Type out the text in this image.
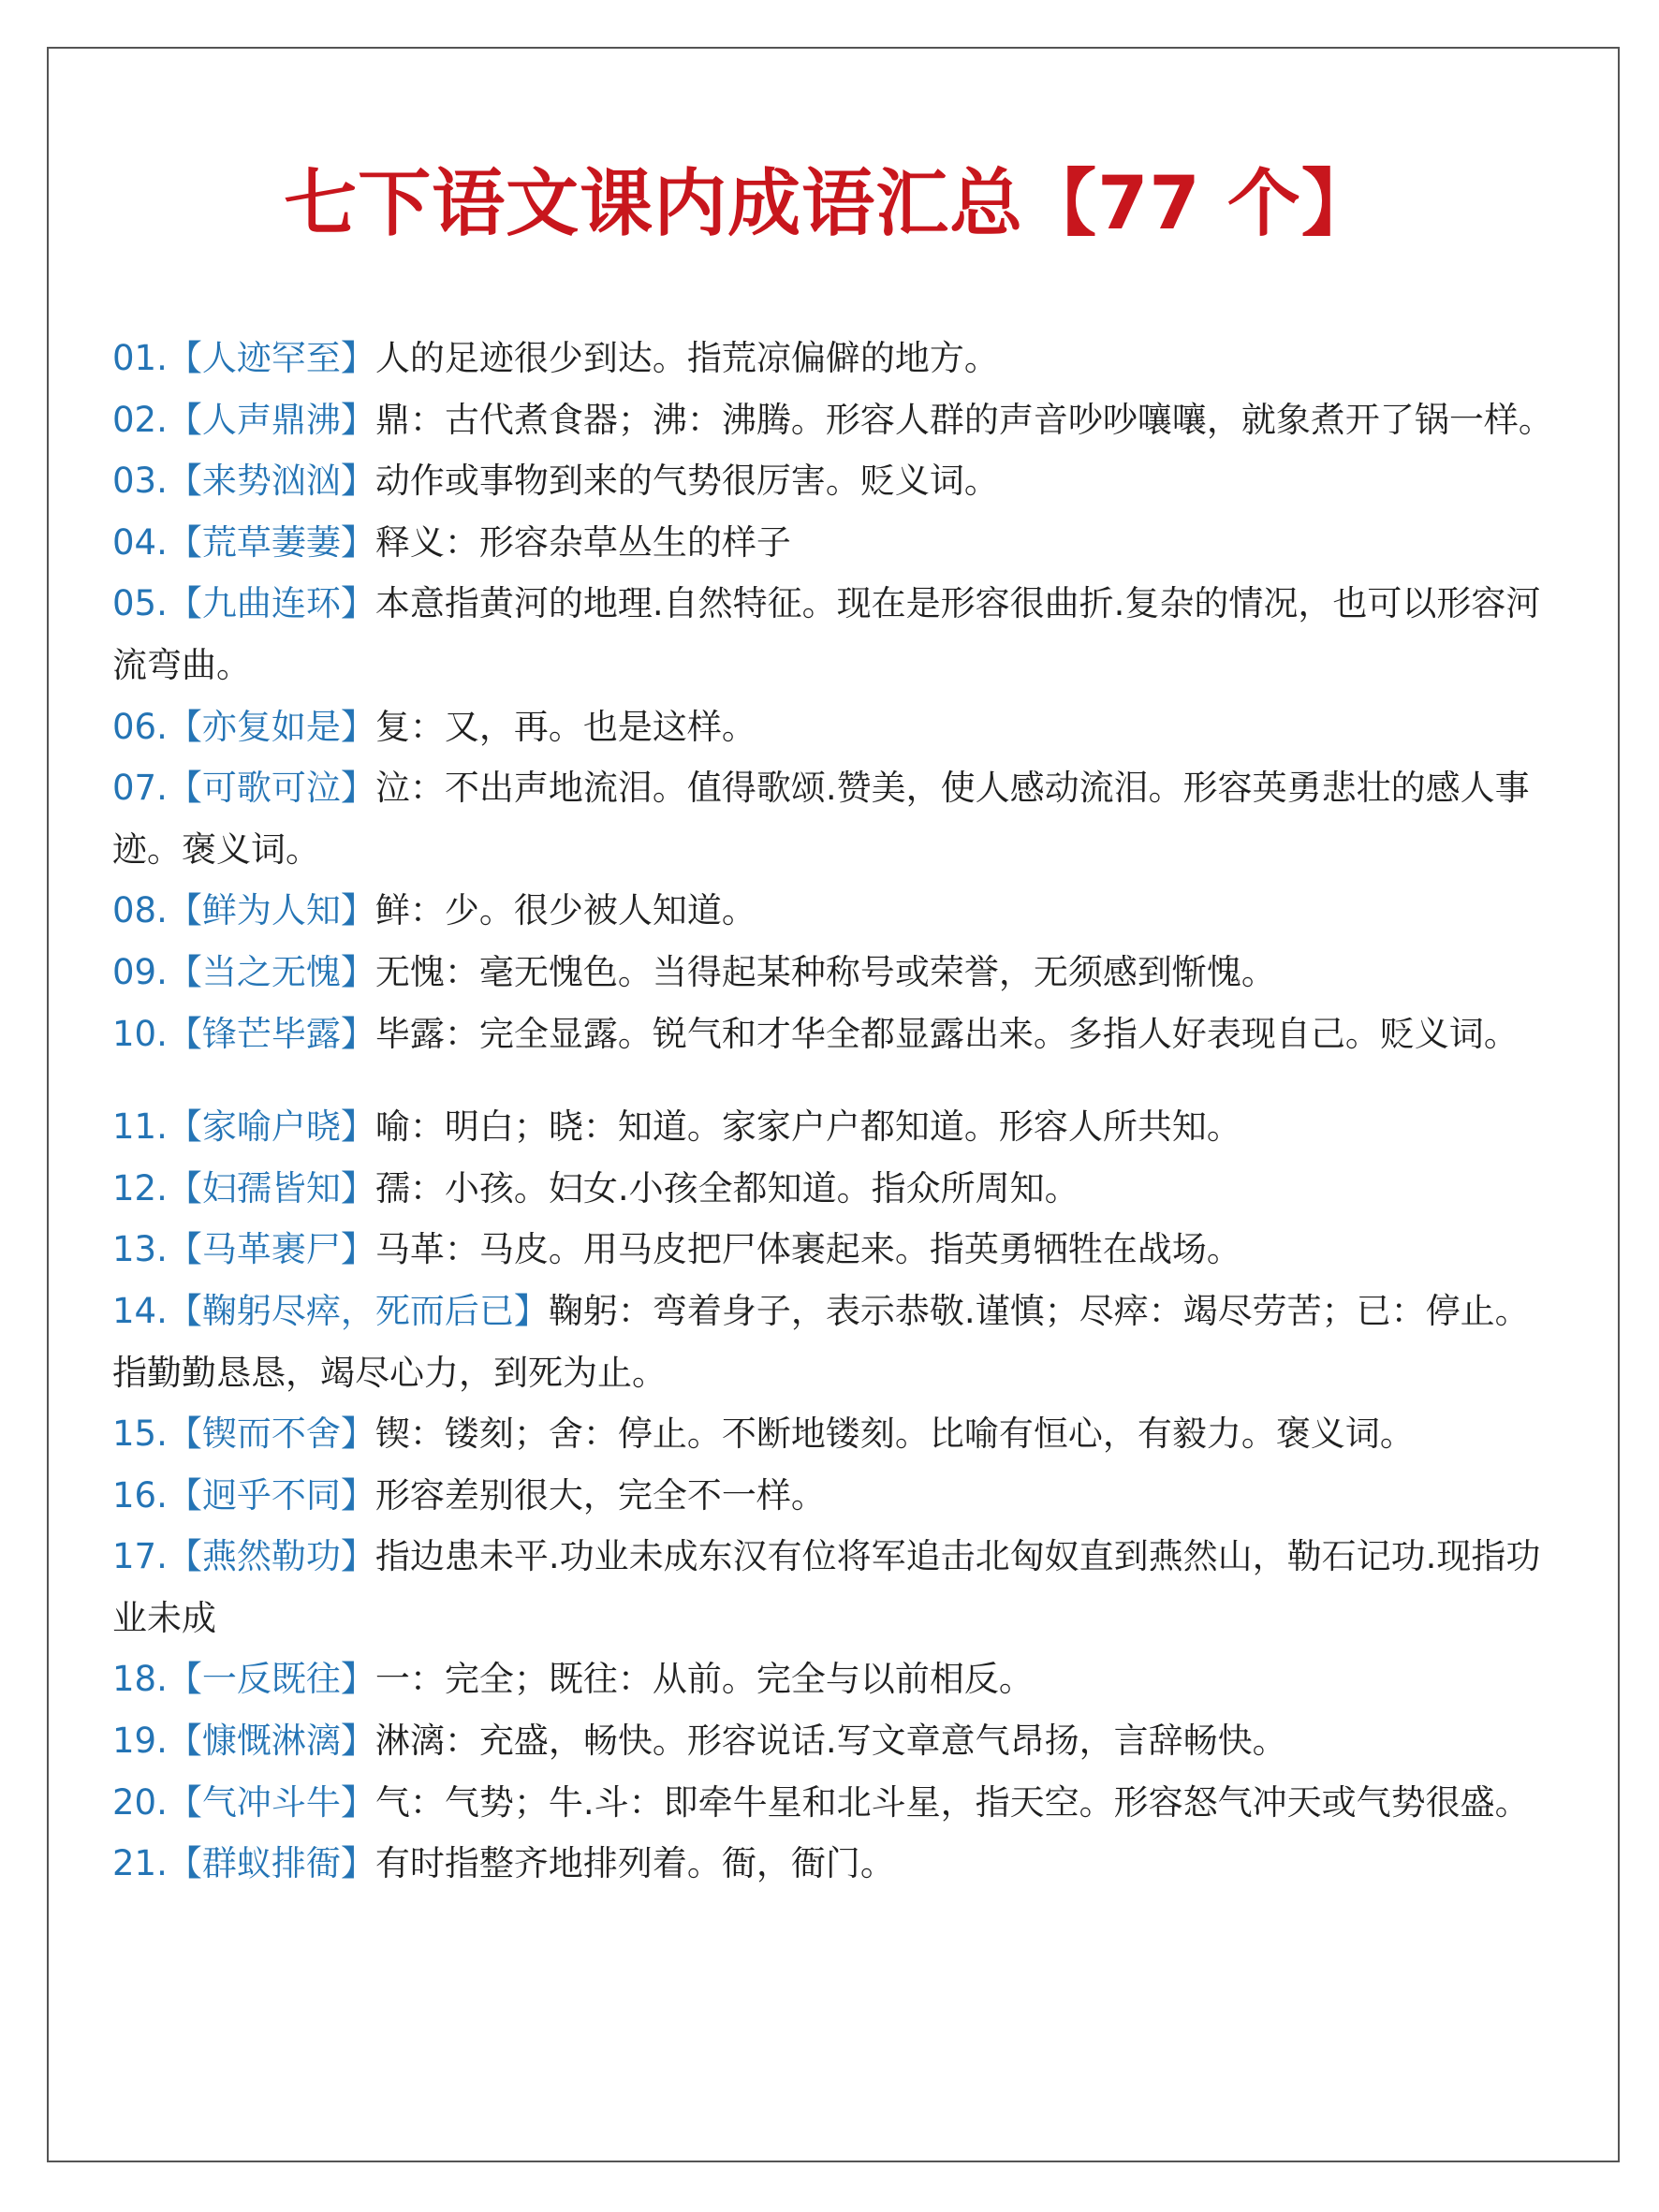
七下语文课内成语汇总【77 个】
01.【人迹罕至】人的足迹很少到达。指荒凉偏僻的地方。
02.【人声鼎沸】鼎：古代煮食器；沸：沸腾。形容人群的声音吵吵嚷嚷，就象煮开了锅一样。
03.【来势汹汹】动作或事物到来的气势很厉害。贬义词。
04.【荒草萋萋】释义：形容杂草丛生的样子
05.【九曲连环】本意指黄河的地理.自然特征。现在是形容很曲折.复杂的情况，也可以形容河流弯曲。
06.【亦复如是】复：又，再。也是这样。
07.【可歌可泣】泣：不出声地流泪。值得歌颂.赞美，使人感动流泪。形容英勇悲壮的感人事迹。褒义词。
08.【鲜为人知】鲜：少。很少被人知道。
09.【当之无愧】无愧：毫无愧色。当得起某种称号或荣誉，无须感到惭愧。
10.【锋芒毕露】毕露：完全显露。锐气和才华全都显露出来。多指人好表现自己。贬义词。
11.【家喻户晓】喻：明白；晓：知道。家家户户都知道。形容人所共知。
12.【妇孺皆知】孺：小孩。妇女.小孩全都知道。指众所周知。
13.【马革裹尸】马革：马皮。用马皮把尸体裹起来。指英勇牺牲在战场。
14.【鞠躬尽瘁，死而后已】鞠躬：弯着身子，表示恭敬.谨慎；尽瘁：竭尽劳苦；已：停止。指勤勤恳恳，竭尽心力，到死为止。
15.【锲而不舍】锲：镂刻；舍：停止。不断地镂刻。比喻有恒心，有毅力。褒义词。
16.【迥乎不同】形容差别很大，完全不一样。
17.【燕然勒功】指边患未平.功业未成东汉有位将军追击北匈奴直到燕然山，勒石记功.现指功业未成
18.【一反既往】一：完全；既往：从前。完全与以前相反。
19.【慷慨淋漓】淋漓：充盛，畅快。形容说话.写文章意气昂扬，言辞畅快。
20.【气冲斗牛】气：气势；牛.斗：即牵牛星和北斗星，指天空。形容怒气冲天或气势很盛。
21.【群蚁排衙】有时指整齐地排列着。衙，衙门。
